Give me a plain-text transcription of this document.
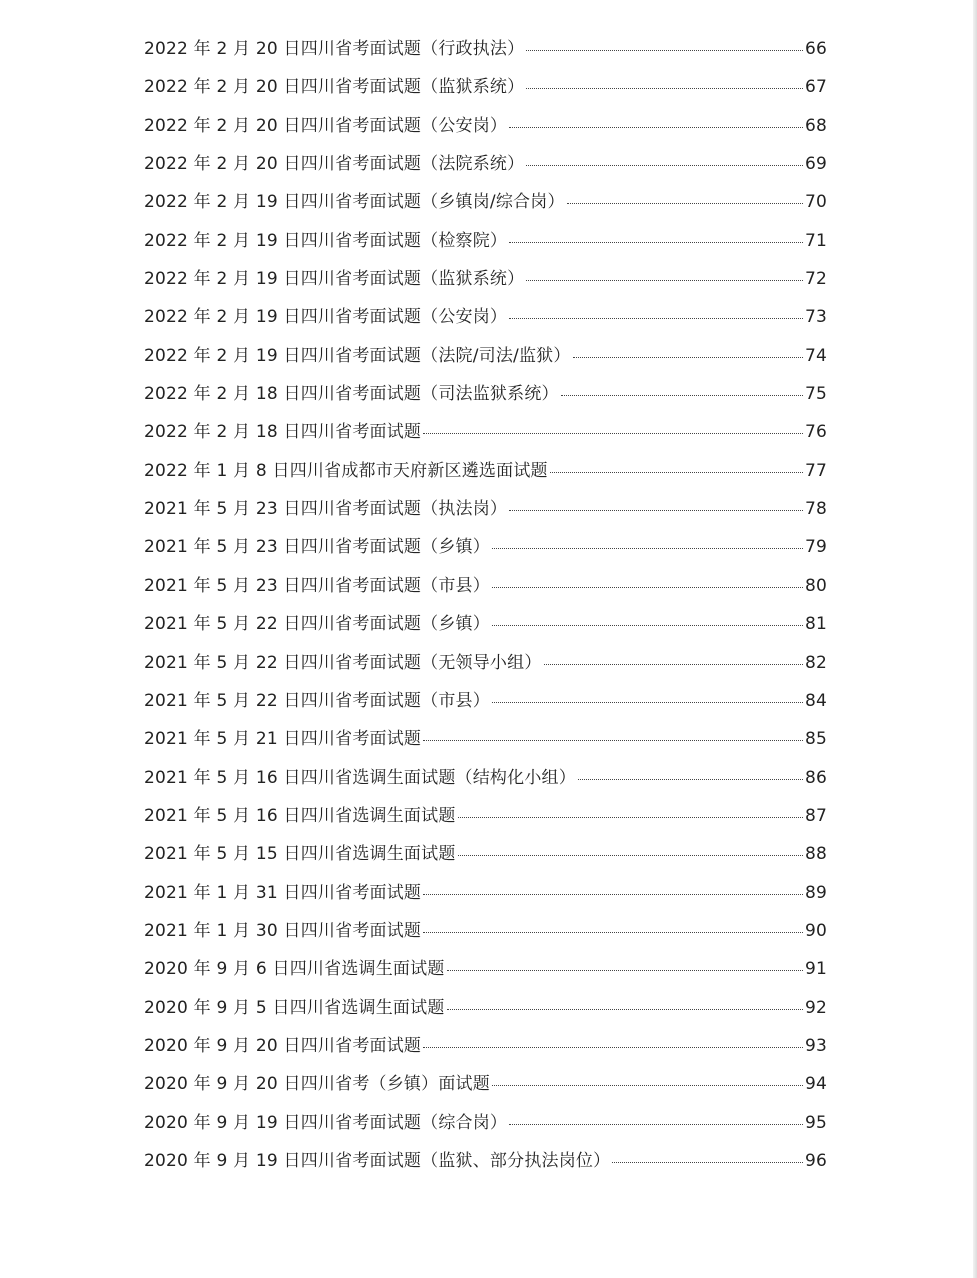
2022 年 2 月 20 日四川省考面试题（行政执法）	66
2022 年 2 月 20 日四川省考面试题（监狱系统）	67
2022 年 2 月 20 日四川省考面试题（公安岗）	68
2022 年 2 月 20 日四川省考面试题（法院系统）	69
2022 年 2 月 19 日四川省考面试题（乡镇岗/综合岗）	70
2022 年 2 月 19 日四川省考面试题（检察院）	71
2022 年 2 月 19 日四川省考面试题（监狱系统）	72
2022 年 2 月 19 日四川省考面试题（公安岗）	73
2022 年 2 月 19 日四川省考面试题（法院/司法/监狱）	74
2022 年 2 月 18 日四川省考面试题（司法监狱系统）	75
2022 年 2 月 18 日四川省考面试题	76
2022 年 1 月 8 日四川省成都市天府新区遴选面试题	77
2021 年 5 月 23 日四川省考面试题（执法岗）	78
2021 年 5 月 23 日四川省考面试题（乡镇）	79
2021 年 5 月 23 日四川省考面试题（市县）	80
2021 年 5 月 22 日四川省考面试题（乡镇）	81
2021 年 5 月 22 日四川省考面试题（无领导小组）	82
2021 年 5 月 22 日四川省考面试题（市县）	84
2021 年 5 月 21 日四川省考面试题	85
2021 年 5 月 16 日四川省选调生面试题（结构化小组）	86
2021 年 5 月 16 日四川省选调生面试题	87
2021 年 5 月 15 日四川省选调生面试题	88
2021 年 1 月 31 日四川省考面试题	89
2021 年 1 月 30 日四川省考面试题	90
2020 年 9 月 6 日四川省选调生面试题	91
2020 年 9 月 5 日四川省选调生面试题	92
2020 年 9 月 20 日四川省考面试题	93
2020 年 9 月 20 日四川省考（乡镇）面试题	94
2020 年 9 月 19 日四川省考面试题（综合岗）	95
2020 年 9 月 19 日四川省考面试题（监狱、部分执法岗位）	96
